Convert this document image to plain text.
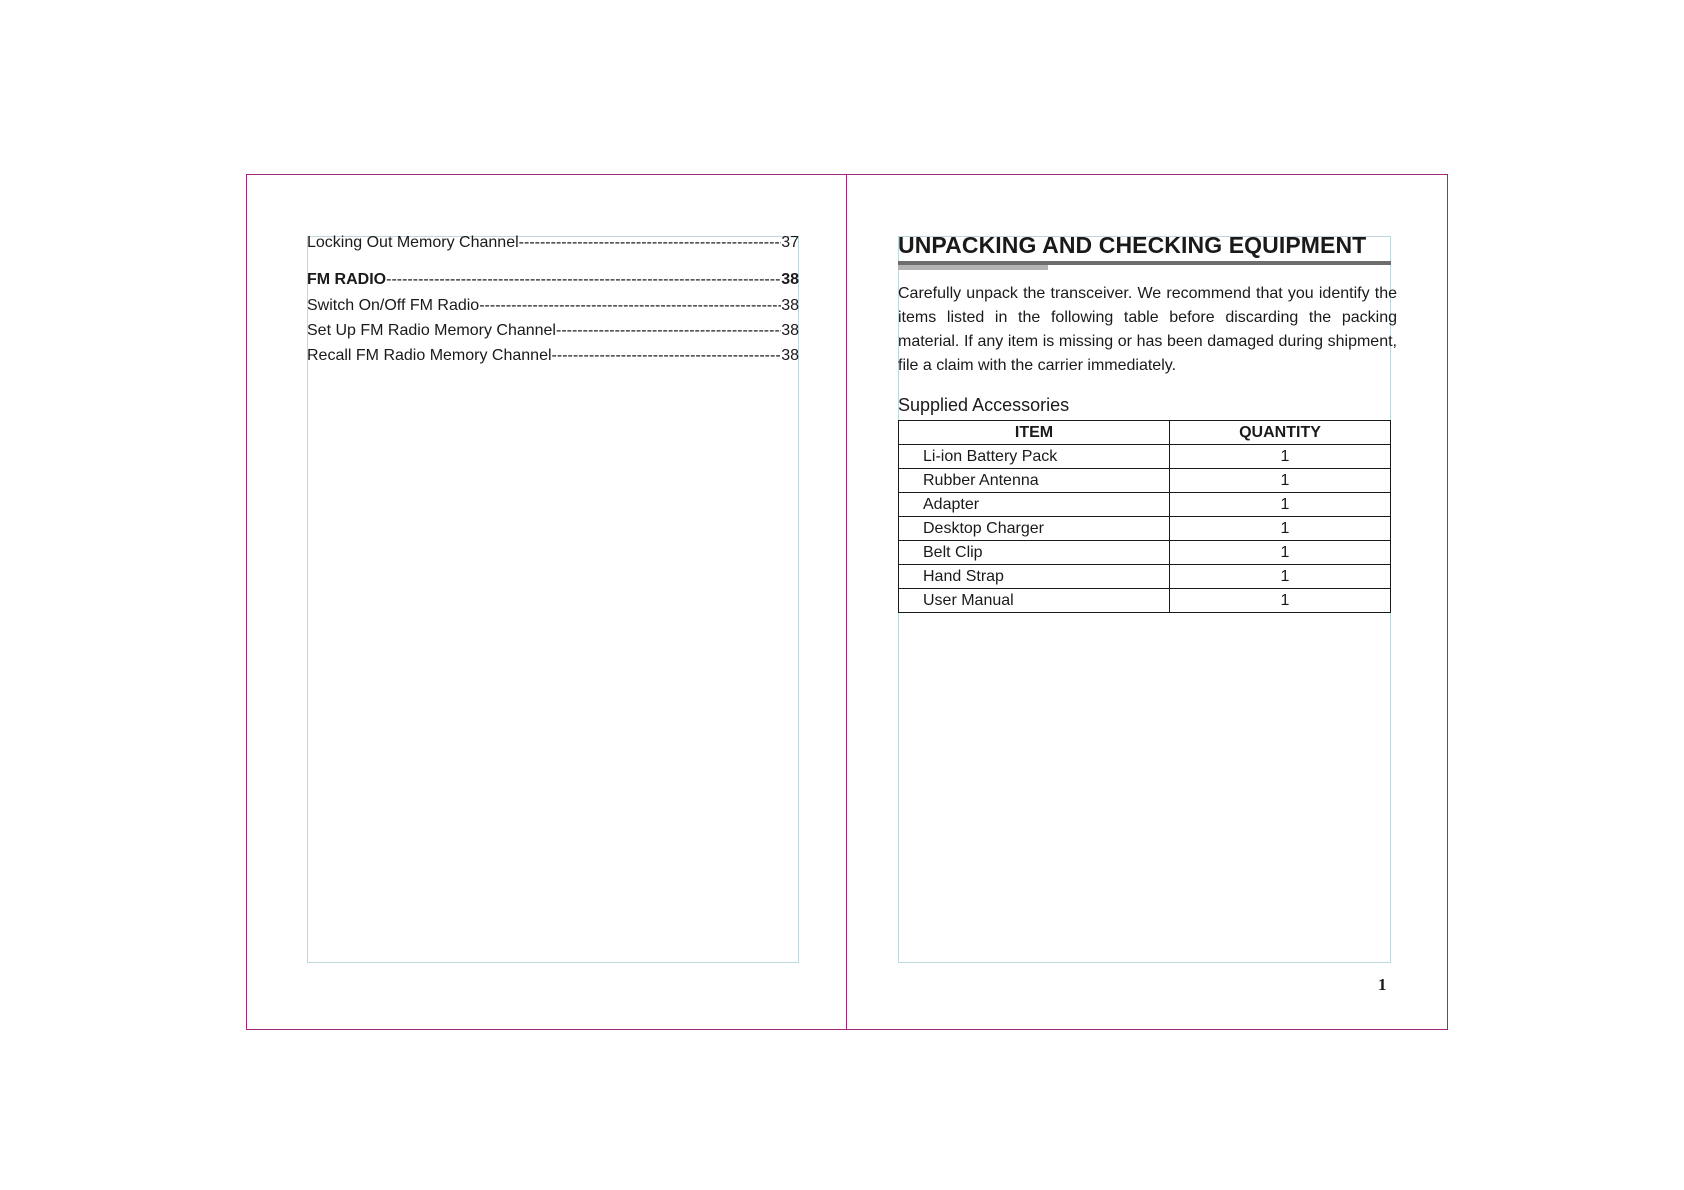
Locking Out Memory Channel -----	37
FM RADIO -----	38
Switch On/Off FM Radio -----	38
Set Up FM Radio Memory Channel -----	38
Recall FM Radio Memory Channel -----	38
UNPACKING AND CHECKING EQUIPMENT
Carefully unpack the transceiver. We recommend that you identify the items listed in the following table before discarding the packing material. If any item is missing or has been damaged during shipment, file a claim with the carrier immediately.
Supplied Accessories
ITEM	QUANTITY
Li-ion Battery Pack	1
Rubber Antenna	1
Adapter	1
Desktop Charger	1
Belt Clip	1
Hand Strap	1
User Manual	1
1
